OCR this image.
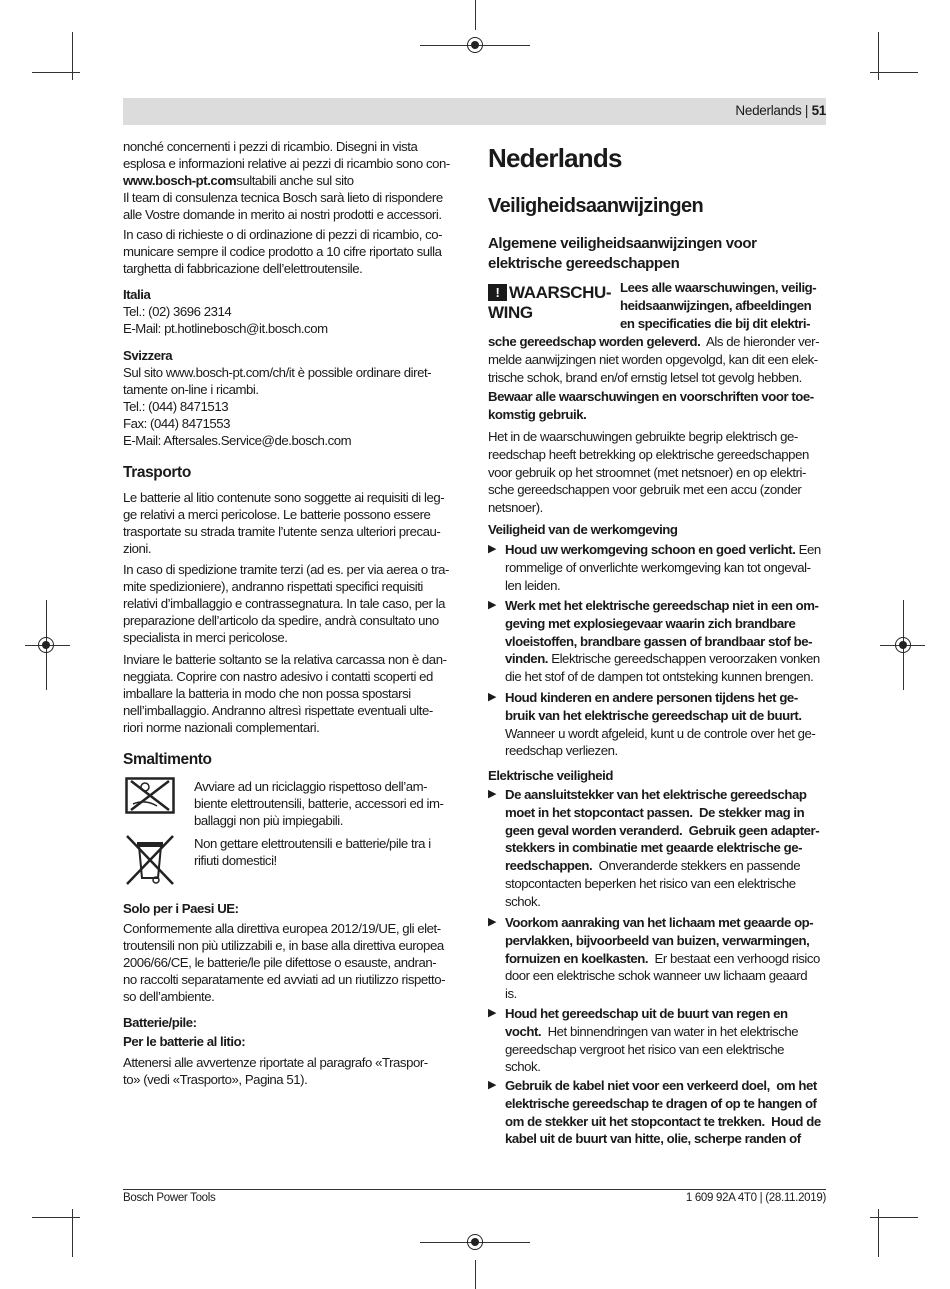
Nederlands | 51
nonché concernenti i pezzi di ricambio. Disegni in vista
esplosa e informazioni relative ai pezzi di ricambio sono con-
www.bosch-pt.comsultabili anche sul sito
Il team di consulenza tecnica Bosch sarà lieto di rispondere
alle Vostre domande in merito ai nostri prodotti e accessori.
In caso di richieste o di ordinazione di pezzi di ricambio, co-
municare sempre il codice prodotto a 10 cifre riportato sulla
targhetta di fabbricazione dell’elettroutensile.
Italia
Tel.: (02) 3696 2314
E-Mail: pt.hotlinebosch@it.bosch.com
Svizzera
Sul sito www.bosch-pt.com/ch/it è possible ordinare diret-
tamente on-line i ricambi.
Tel.: (044) 8471513
Fax: (044) 8471553
E-Mail: Aftersales.Service@de.bosch.com
Trasporto
Le batterie al litio contenute sono soggette ai requisiti di leg-
ge relativi a merci pericolose. Le batterie possono essere
trasportate su strada tramite l’utente senza ulteriori precau-
zioni.
In caso di spedizione tramite terzi (ad es. per via aerea o tra-
mite spedizioniere), andranno rispettati specifici requisiti
relativi d’imballaggio e contrassegnatura. In tale caso, per la
preparazione dell’articolo da spedire, andrà consultato uno
specialista in merci pericolose.
Inviare le batterie soltanto se la relativa carcassa non è dan-
neggiata. Coprire con nastro adesivo i contatti scoperti ed
imballare la batteria in modo che non possa spostarsi
nell’imballaggio. Andranno altresì rispettate eventuali ulte-
riori norme nazionali complementari.
Smaltimento
Avviare ad un riciclaggio rispettoso dell’am-
biente elettroutensili, batterie, accessori ed im-
ballaggi non più impiegabili.
Non gettare elettroutensili e batterie/pile tra i
rifiuti domestici!
Solo per i Paesi UE:
Conformemente alla direttiva europea 2012/19/UE, gli elet-
troutensili non più utilizzabili e, in base alla direttiva europea
2006/66/CE, le batterie/le pile difettose o esauste, andran-
no raccolti separatamente ed avviati ad un riutilizzo rispetto-
so dell’ambiente.
Batterie/pile:
Per le batterie al litio:
Attenersi alle avvertenze riportate al paragrafo «Traspor-
to» (vedi «Trasporto», Pagina 51).
Nederlands
Veiligheidsaanwijzingen
Algemene veiligheidsaanwijzingen voor
elektrische gereedschappen
! WAARSCHU-
WING
Lees alle waarschuwingen, veilig-
heidsaanwijzingen, afbeeldingen
en specificaties die bij dit elektri-
sche gereedschap worden geleverd.  Als de hieronder ver-
melde aanwijzingen niet worden opgevolgd, kan dit een elek-
trische schok, brand en/of ernstig letsel tot gevolg hebben.
Bewaar alle waarschuwingen en voorschriften voor toe-
komstig gebruik.
Het in de waarschuwingen gebruikte begrip elektrisch ge-
reedschap heeft betrekking op elektrische gereedschappen
voor gebruik op het stroomnet (met netsnoer) en op elektri-
sche gereedschappen voor gebruik met een accu (zonder
netsnoer).
Veiligheid van de werkomgeving
▶ Houd uw werkomgeving schoon en goed verlicht. Een
rommelige of onverlichte werkomgeving kan tot ongeval-
len leiden.
▶ Werk met het elektrische gereedschap niet in een om-
geving met explosiegevaar waarin zich brandbare
vloeistoffen, brandbare gassen of brandbaar stof be-
vinden. Elektrische gereedschappen veroorzaken vonken
die het stof of de dampen tot ontsteking kunnen brengen.
▶ Houd kinderen en andere personen tijdens het ge-
bruik van het elektrische gereedschap uit de buurt.
Wanneer u wordt afgeleid, kunt u de controle over het ge-
reedschap verliezen.
Elektrische veiligheid
▶ De aansluitstekker van het elektrische gereedschap
moet in het stopcontact passen.  De stekker mag in
geen geval worden veranderd.  Gebruik geen adapter-
stekkers in combinatie met geaarde elektrische ge-
reedschappen.  Onveranderde stekkers en passende
stopcontacten beperken het risico van een elektrische
schok.
▶ Voorkom aanraking van het lichaam met geaarde op-
pervlakken, bijvoorbeeld van buizen, verwarmingen,
fornuizen en koelkasten.  Er bestaat een verhoogd risico
door een elektrische schok wanneer uw lichaam geaard
is.
▶ Houd het gereedschap uit de buurt van regen en
vocht.  Het binnendringen van water in het elektrische
gereedschap vergroot het risico van een elektrische
schok.
▶ Gebruik de kabel niet voor een verkeerd doel,  om het
elektrische gereedschap te dragen of op te hangen of
om de stekker uit het stopcontact te trekken.  Houd de
kabel uit de buurt van hitte, olie, scherpe randen of
Bosch Power Tools	1 609 92A 4T0 | (28.11.2019)
